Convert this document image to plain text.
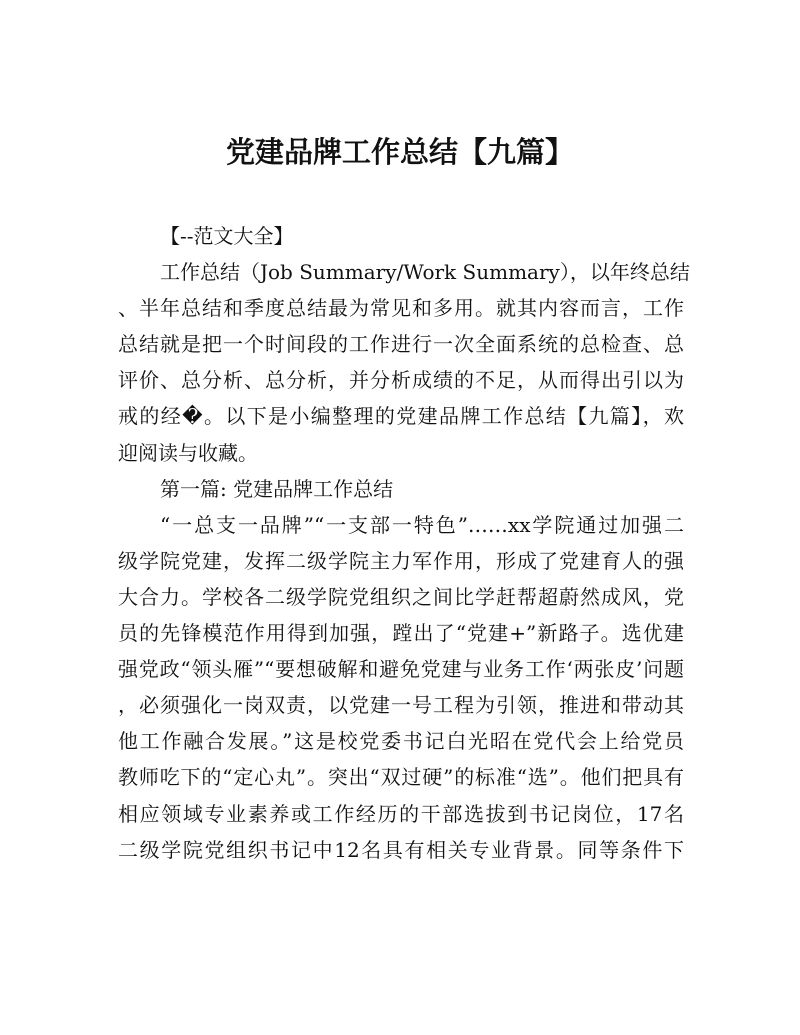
党建品牌工作总结【九篇】
【--范文大全】
工作总结（Job Summary/Work Summary），以年终总结
、半年总结和季度总结最为常见和多用。就其内容而言，工作
总结就是把一个时间段的工作进行一次全面系统的总检查、总
评价、总分析、总分析，并分析成绩的不足，从而得出引以为
戒的经�。以下是小编整理的党建品牌工作总结【九篇】，欢
迎阅读与收藏。
第一篇: 党建品牌工作总结
“一总支一品牌”“一支部一特色”……xx学院通过加强二
级学院党建，发挥二级学院主力军作用，形成了党建育人的强
大合力。学校各二级学院党组织之间比学赶帮超蔚然成风，党
员的先锋模范作用得到加强，蹚出了“党建+”新路子。选优建
强党政“领头雁”“要想破解和避免党建与业务工作‘两张皮’问题
，必须强化一岗双责，以党建一号工程为引领，推进和带动其
他工作融合发展。”这是校党委书记白光昭在党代会上给党员
教师吃下的“定心丸”。突出“双过硬”的标准“选”。他们把具有
相应领域专业素养或工作经历的干部选拔到书记岗位，17名
二级学院党组织书记中12名具有相关专业背景。同等条件下
